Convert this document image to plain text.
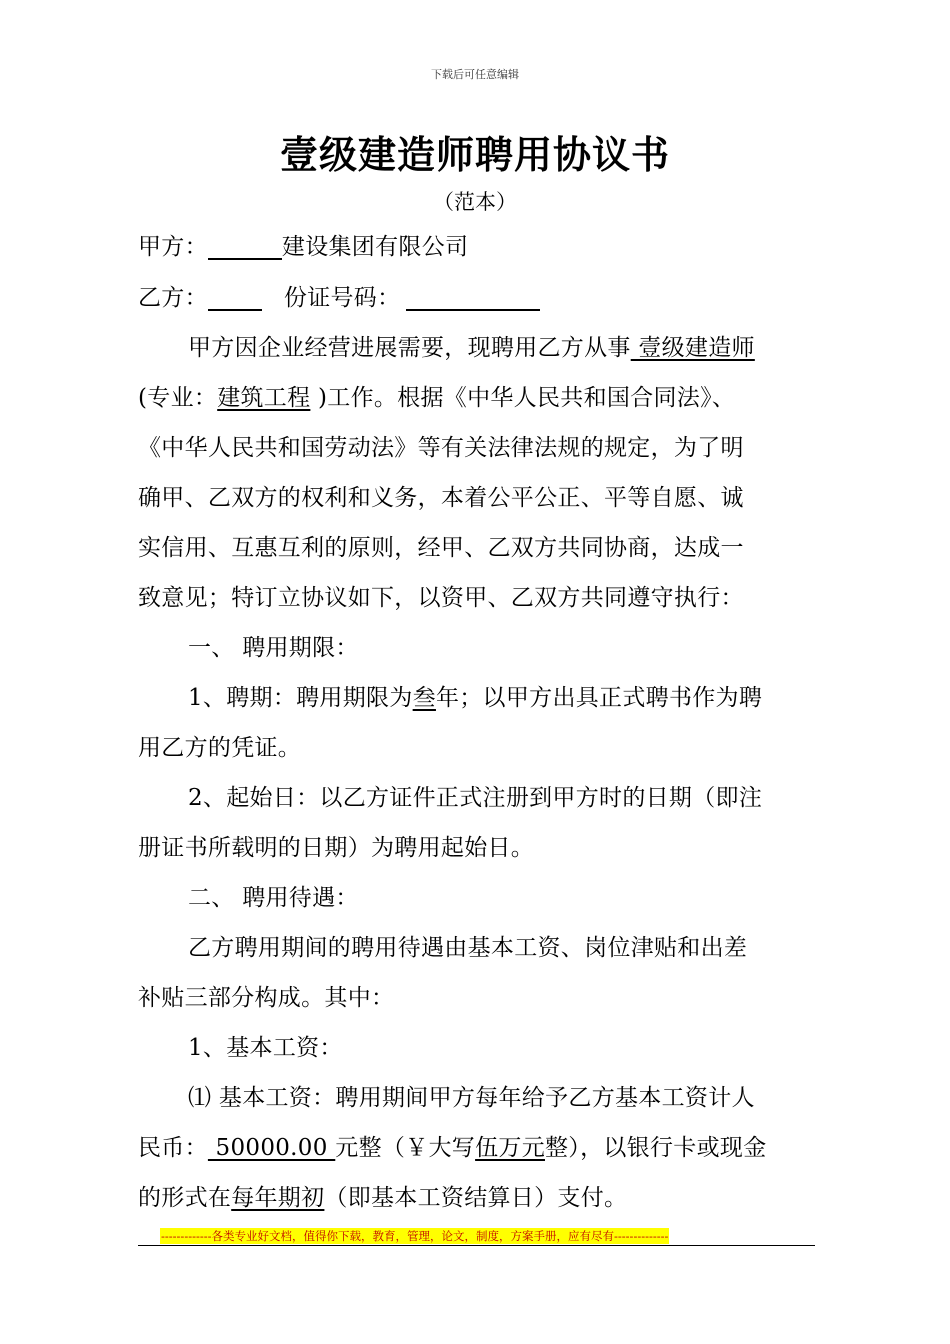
下载后可任意编辑
壹级建造师聘用协议书
（范本）
甲方：	建设集团有限公司
乙方：	份证号码：
甲方因企业经营进展需要，现聘用乙方从事 壹级建造师
(专业：建筑工程 )工作。根据《中华人民共和国合同法》、
《中华人民共和国劳动法》等有关法律法规的规定，为了明
确甲、乙双方的权利和义务，本着公平公正、平等自愿、诚
实信用、互惠互利的原则，经甲、乙双方共同协商，达成一
致意见；特订立协议如下，以资甲、乙双方共同遵守执行：
一、 聘用期限：
1、聘期：聘用期限为叁年；以甲方出具正式聘书作为聘
用乙方的凭证。
2、起始日：以乙方证件正式注册到甲方时的日期（即注
册证书所载明的日期）为聘用起始日。
二、 聘用待遇：
乙方聘用期间的聘用待遇由基本工资、岗位津贴和出差
补贴三部分构成。其中：
1、基本工资：
⑴ 基本工资：聘用期间甲方每年给予乙方基本工资计人
民币： 50000.00 元整（￥大写伍万元整），以银行卡或现金
的形式在每年期初（即基本工资结算日）支付。
-------------各类专业好文档，值得你下载，教育，管理，论文，制度，方案手册，应有尽有--------------
